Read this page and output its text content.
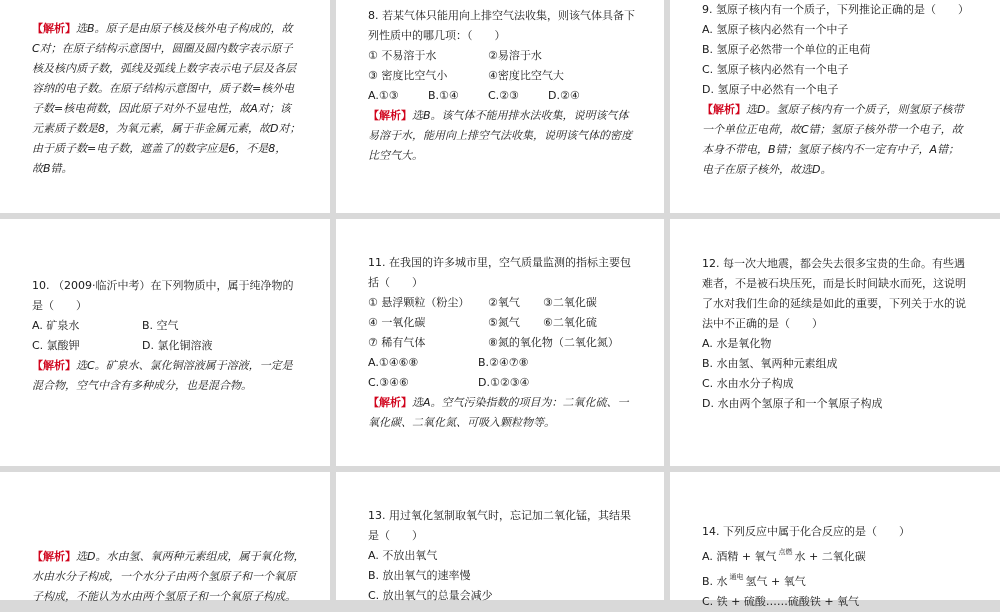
【解析】选B。原子是由原子核及核外电子构成的，故
C对；在原子结构示意图中，圆圈及圆内数字表示原子
核及核内质子数，弧线及弧线上数字表示电子层及各层
容纳的电子数。在原子结构示意图中，质子数=核外电
子数=核电荷数，因此原子对外不显电性，故A对；该
元素质子数是8，为氧元素，属于非金属元素，故D对；
由于质子数=电子数，遮盖了的数字应是6，不是8，
故B错。
8. 若某气体只能用向上排空气法收集，则该气体具备下
列性质中的哪几项：（　　）
① 不易溶于水	②易溶于水
③ 密度比空气小	④密度比空气大
A.①③	B.①④	C.②③	D.②④
【解析】选B。该气体不能用排水法收集，说明该气体
易溶于水，能用向上排空气法收集，说明该气体的密度
比空气大。
9. 氢原子核内有一个质子，下列推论正确的是（　　）
A. 氢原子核内必然有一个中子
B. 氢原子必然带一个单位的正电荷
C. 氢原子核内必然有一个电子
D. 氢原子中必然有一个电子
【解析】选D。氢原子核内有一个质子，则氢原子核带
一个单位正电荷，故C错；氢原子核外带一个电子，故
本身不带电，B错；氢原子核内不一定有中子，A错；
电子在原子核外，故选D。
10. （2009·临沂中考）在下列物质中，属于纯净物的
是（　　）
A. 矿泉水	B. 空气
C. 氯酸钾	D. 氯化铜溶液
【解析】选C。矿泉水、氯化铜溶液属于溶液，一定是
混合物，空气中含有多种成分，也是混合物。
11. 在我国的许多城市里，空气质量监测的指标主要包
括（　　）
① 悬浮颗粒（粉尘）	②氧气	③二氧化碳
④ 一氧化碳	⑤氮气	⑥二氧化硫
⑦ 稀有气体	⑧氮的氧化物（二氧化氮）
A.①④⑥⑧	B.②④⑦⑧
C.③④⑥	D.①②③④
【解析】选A。空气污染指数的项目为：二氧化硫、一
氧化碳、二氧化氮、可吸入颗粒物等。
12. 每一次大地震，都会失去很多宝贵的生命。有些遇
难者，不是被石块压死，而是长时间缺水而死，这说明
了水对我们生命的延续是如此的重要，下列关于水的说
法中不正确的是（　　）
A. 水是氧化物
B. 水由氢、氧两种元素组成
C. 水由水分子构成
D. 水由两个氢原子和一个氧原子构成
【解析】选D。水由氢、氧两种元素组成，属于氧化物，
水由水分子构成，一个水分子由两个氢原子和一个氧原
子构成，不能认为水由两个氢原子和一个氧原子构成。
13. 用过氧化氢制取氧气时，忘记加二氧化锰，其结果
是（　　）
A. 不放出氧气
B. 放出氧气的速率慢
C. 放出氧气的总量会减少
14. 下列反应中属于化合反应的是（　　）
A. 酒精 + 氧气 $^{点燃}$ 水 + 二氧化碳
B. 水 $^{通电}$ 氢气 + 氧气
C. 铁 + 硫酸……硫酸铁 + 氧气
